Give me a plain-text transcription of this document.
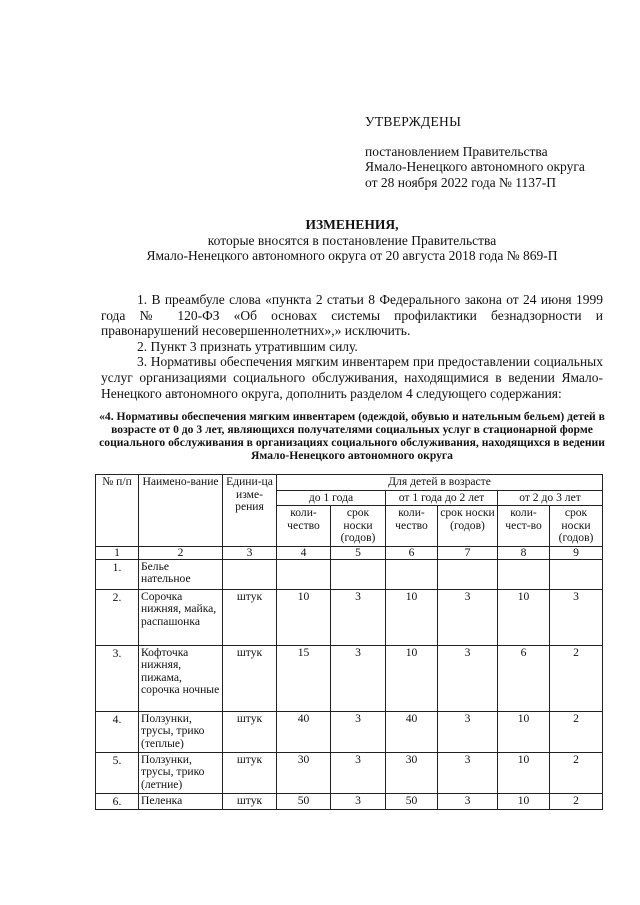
УТВЕРЖДЕНЫ
постановлением Правительства
Ямало-Ненецкого автономного округа
от 28 ноября 2022 года № 1137-П
ИЗМЕНЕНИЯ,
которые вносятся в постановление Правительства
Ямало-Ненецкого автономного округа от 20 августа 2018 года № 869-П

1. В преамбуле слова «пункта 2 статьи 8 Федерального закона от 24 июня 1999 года № 120-ФЗ «Об основах системы профилактики безнадзорности и правонарушений несовершеннолетних»,» исключить.

2. Пункт 3 признать утратившим силу.

3. Нормативы обеспечения мягким инвентарем при предоставлении социальных услуг организациями социального обслуживания, находящимися в ведении Ямало-Ненецкого автономного округа, дополнить разделом 4 следующего содержания:

«4. Нормативы обеспечения мягким инвентарем (одеждой, обувью и нательным бельем) детей в возрасте от 0 до 3 лет, являющихся получателями социальных услуг в стационарной форме социального обслуживания в организациях социального обслуживания, находящихся в ведении Ямало-Ненецкого автономного округа
№ п/п	Наимено-вание	Едини-ца изме-рения	Для детей в возрасте					
			до 1 года		от 1 года до 2 лет		от 2 до 3 лет	
			коли-чество	срок носки (годов)	коли-чество	срок носки (годов)	коли-чест-во	срок носки (годов)
1	2	3	4	5	6	7	8	9
1.	Белье нательное							
2.	Сорочка нижняя, майка, распашонка	штук	10	3	10	3	10	3
3.	Кофточка нижняя, пижама, сорочка ночные	штук	15	3	10	3	6	2
4.	Ползунки, трусы, трико (теплые)	штук	40	3	40	3	10	2
5.	Ползунки, трусы, трико (летние)	штук	30	3	30	3	10	2
6.	Пеленка	штук	50	3	50	3	10	2
